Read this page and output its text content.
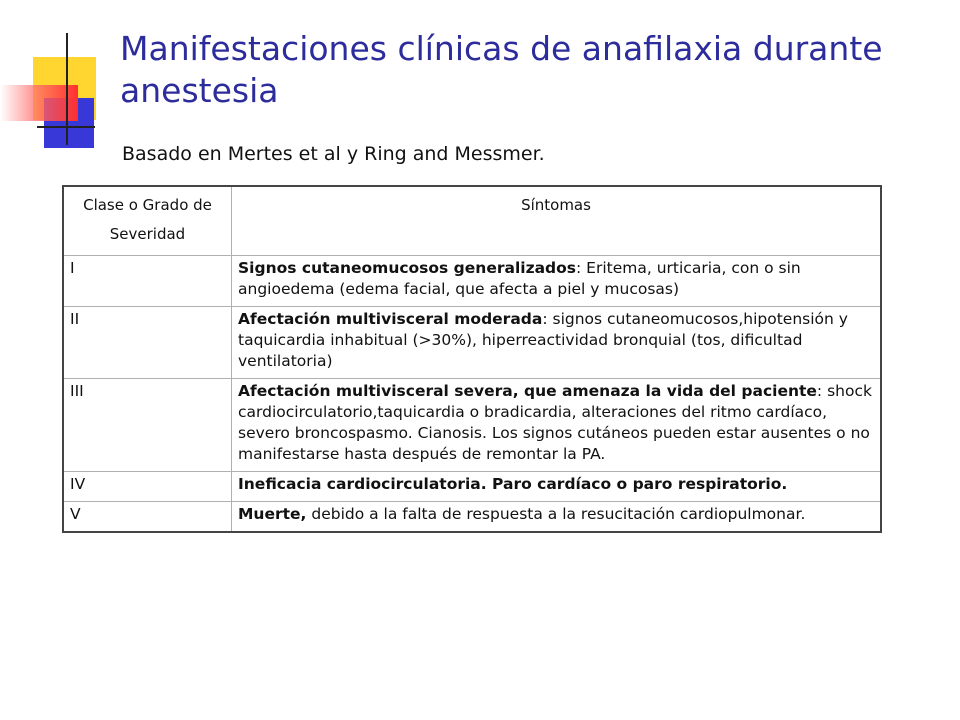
Manifestaciones clínicas de anafilaxia durante anestesia

Basado en Mertes et al y Ring and Messmer.

Clase o Grado de Severidad	Síntomas
I	Signos cutaneomucosos generalizados: Eritema, urticaria, con o sin angioedema (edema facial, que afecta a piel y mucosas)
II	Afectación multivisceral moderada: signos cutaneomucosos,hipotensión y taquicardia inhabitual (>30%), hiperreactividad bronquial (tos, dificultad ventilatoria)
III	Afectación multivisceral severa, que amenaza la vida del paciente: shock cardiocirculatorio,taquicardia o bradicardia, alteraciones del ritmo cardíaco, severo broncospasmo. Cianosis. Los signos cutáneos pueden estar ausentes o no manifestarse hasta después de remontar la PA.
IV	Ineficacia cardiocirculatoria. Paro cardíaco o paro respiratorio.
V	Muerte, debido a la falta de respuesta a la resucitación cardiopulmonar.
